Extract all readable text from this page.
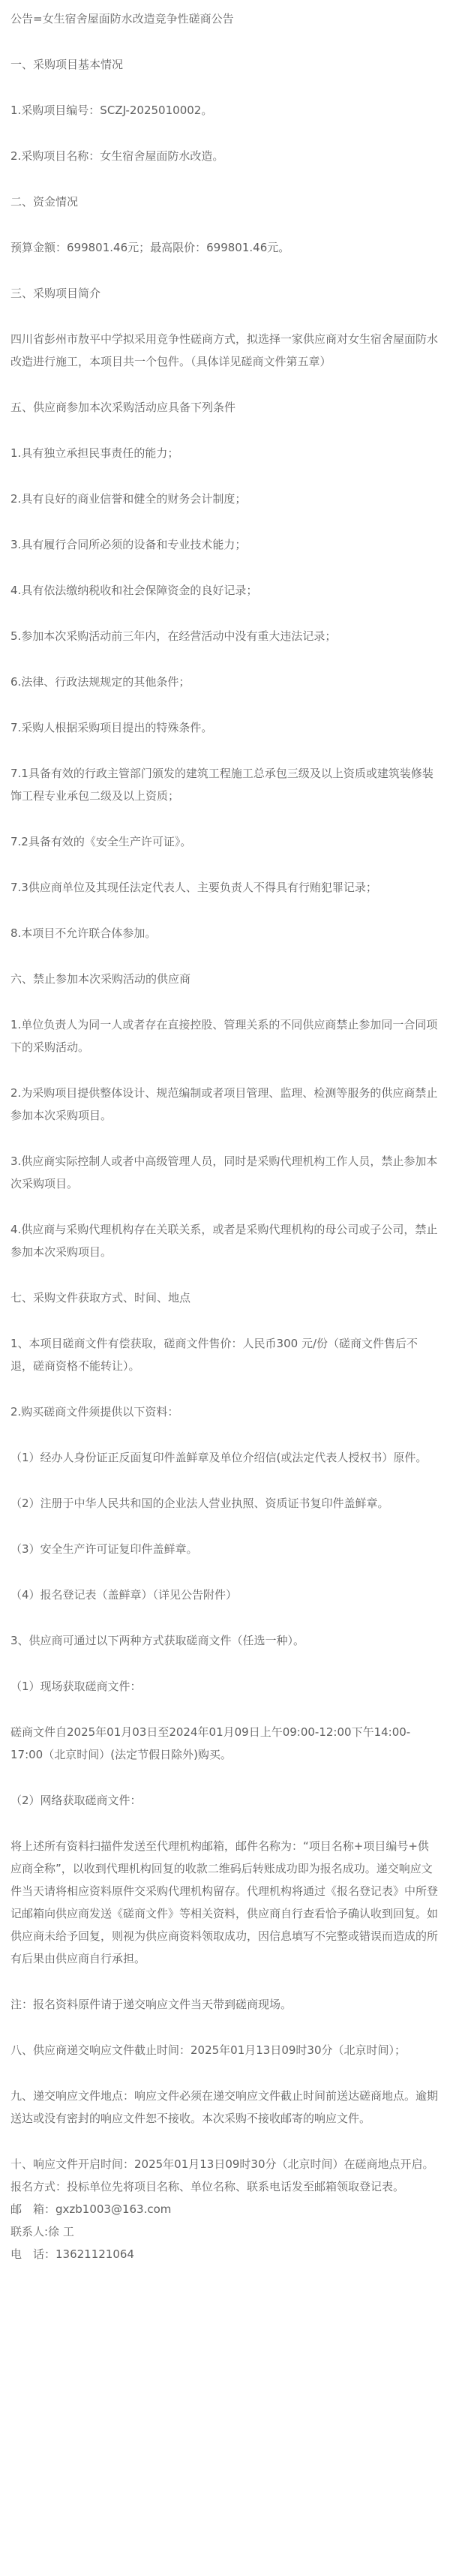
公告=女生宿舍屋面防水改造竞争性磋商公告

一、采购项目基本情况

1.采购项目编号：SCZJ-2025010002。

2.采购项目名称：女生宿舍屋面防水改造。

二、资金情况

预算金额：699801.46元；最高限价：699801.46元。

三、采购项目简介

四川省彭州市敖平中学拟采用竞争性磋商方式，拟选择一家供应商对女生宿舍屋面防水改造进行施工，本项目共一个包件。（具体详见磋商文件第五章）

五、供应商参加本次采购活动应具备下列条件

1.具有独立承担民事责任的能力；

2.具有良好的商业信誉和健全的财务会计制度；

3.具有履行合同所必须的设备和专业技术能力；

4.具有依法缴纳税收和社会保障资金的良好记录；

5.参加本次采购活动前三年内，在经营活动中没有重大违法记录；

6.法律、行政法规规定的其他条件；

7.采购人根据采购项目提出的特殊条件。

7.1具备有效的行政主管部门颁发的建筑工程施工总承包三级及以上资质或建筑装修装饰工程专业承包二级及以上资质；

7.2具备有效的《安全生产许可证》。

7.3供应商单位及其现任法定代表人、主要负责人不得具有行贿犯罪记录；

8.本项目不允许联合体参加。

六、禁止参加本次采购活动的供应商

1.单位负责人为同一人或者存在直接控股、管理关系的不同供应商禁止参加同一合同项下的采购活动。

2.为采购项目提供整体设计、规范编制或者项目管理、监理、检测等服务的供应商禁止参加本次采购项目。

3.供应商实际控制人或者中高级管理人员，同时是采购代理机构工作人员，禁止参加本次采购项目。

4.供应商与采购代理机构存在关联关系，或者是采购代理机构的母公司或子公司，禁止参加本次采购项目。

七、采购文件获取方式、时间、地点

1、本项目磋商文件有偿获取，磋商文件售价：人民币300 元/份（磋商文件售后不退，磋商资格不能转让）。

2.购买磋商文件须提供以下资料：

（1）经办人身份证正反面复印件盖鲜章及单位介绍信(或法定代表人授权书）原件。

（2）注册于中华人民共和国的企业法人营业执照、资质证书复印件盖鲜章。

（3）安全生产许可证复印件盖鲜章。

（4）报名登记表（盖鲜章）（详见公告附件）

3、供应商可通过以下两种方式获取磋商文件（任选一种）。

（1）现场获取磋商文件：

磋商文件自2025年01月03日至2024年01月09日上午09:00-12:00下午14:00-17:00（北京时间）(法定节假日除外)购买。

（2）网络获取磋商文件：

将上述所有资料扫描件发送至代理机构邮箱，邮件名称为：“项目名称+项目编号+供应商全称”，以收到代理机构回复的收款二维码后转账成功即为报名成功。递交响应文件当天请将相应资料原件交采购代理机构留存。代理机构将通过《报名登记表》中所登记邮箱向供应商发送《磋商文件》等相关资料，供应商自行查看恰予确认收到回复。如供应商未给予回复，则视为供应商资料领取成功，因信息填写不完整或错误而造成的所有后果由供应商自行承担。

注：报名资料原件请于递交响应文件当天带到磋商现场。

八、供应商递交响应文件截止时间：2025年01月13日09时30分（北京时间）；

九、递交响应文件地点：响应文件必须在递交响应文件截止时间前送达磋商地点。逾期送达或没有密封的响应文件恕不接收。本次采购不接收邮寄的响应文件。

十、响应文件开启时间：2025年01月13日09时30分（北京时间）在磋商地点开启。

报名方式：投标单位先将项目名称、单位名称、联系电话发至邮箱领取登记表。

邮　箱：gxzb1003@163.com

联系人:徐 工

电　话：13621121064
